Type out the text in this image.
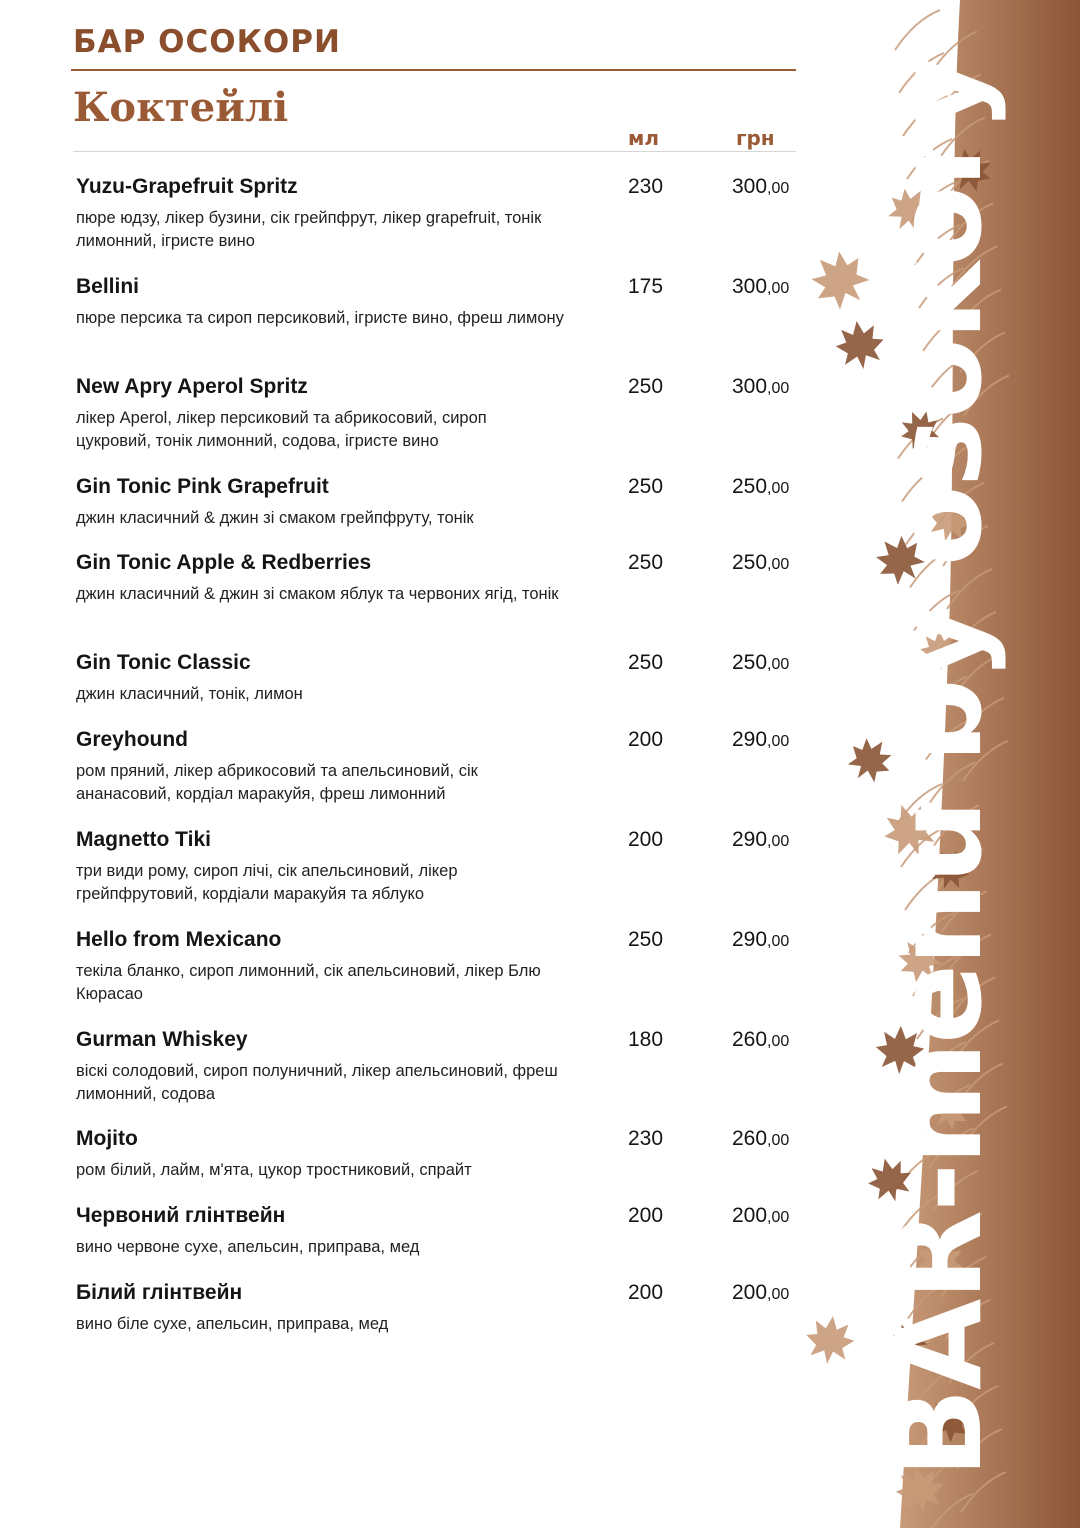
БАР ОСОКОРИ
Коктейлі
мл	грн
Yuzu-Grapefruit Spritz
пюре юдзу, лікер бузини, сік грейпфрут, лікер grapefruit, тонік лимонний, ігристе вино
230	300,00
Bellini
пюре персика та сироп персиковий, ігристе вино, фреш лимону
175	300,00
New Apry Aperol Spritz
лікер Aperol, лікер персиковий та абрикосовий, сироп цукровий, тонік лимонний, содова, ігристе вино
250	300,00
Gin Tonic Pink Grapefruit
джин класичний & джин зі смаком грейпфруту, тонік
250	250,00
Gin Tonic Apple & Redberries
джин класичний & джин зі смаком яблук та червоних ягід, тонік
250	250,00
Gin Tonic Classic
джин класичний, тонік, лимон
250	250,00
Greyhound
ром пряний, лікер абрикосовий та апельсиновий, сік ананасовий, кордіал маракуйя, фреш лимонний
200	290,00
Magnetto Tiki
три види рому, сироп лічі, сік апельсиновий, лікер грейпфрутовий, кордіали маракуйя та яблуко
200	290,00
Hello from Mexicano
текіла бланко, сироп лимонний, сік апельсиновий, лікер Блю Кюрасао
250	290,00
Gurman Whiskey
віскі солодовий, сироп полуничний, лікер апельсиновий, фреш лимонний, содова
180	260,00
Mojito
ром білий, лайм, м'ята, цукор тростниковий, спрайт
230	260,00
Червоний глінтвейн
вино червоне сухе, апельсин, приправа, мед
200	200,00
Білий глінтвейн
вино біле сухе, апельсин, приправа, мед
200	200,00 BAR-menu by osokory
